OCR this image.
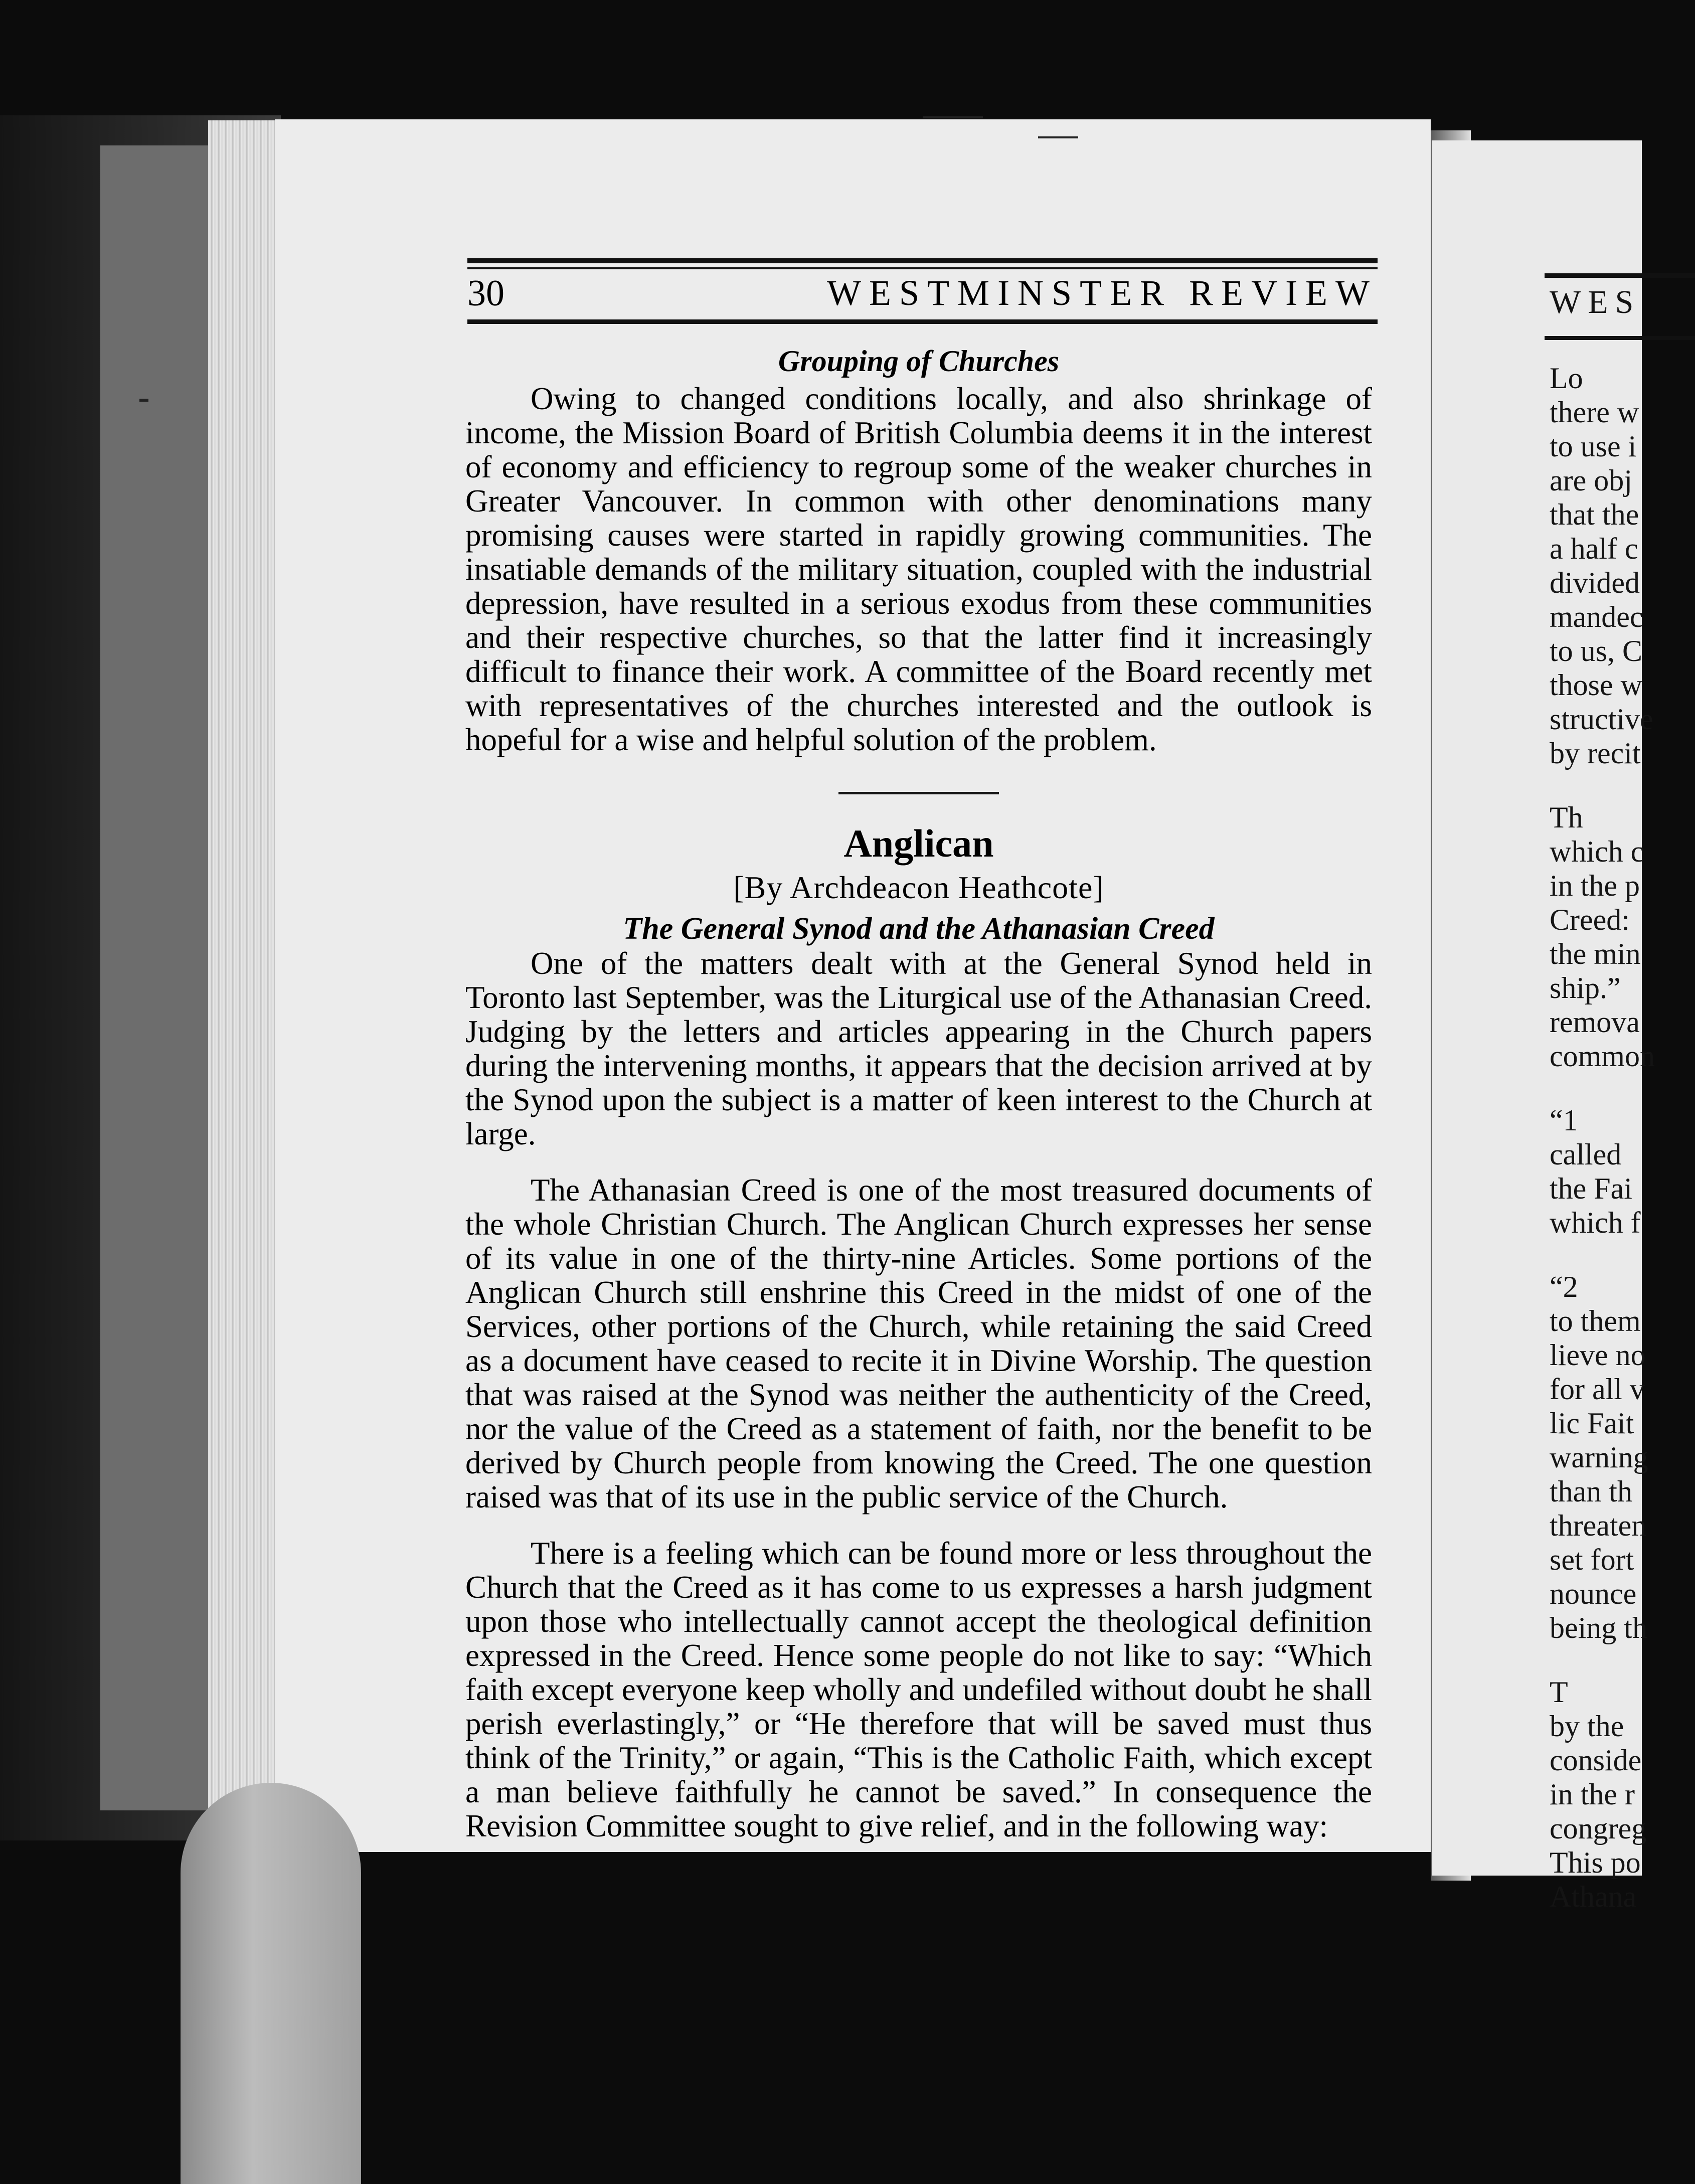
30	WESTMINSTER REVIEW
Grouping of Churches

Owing to changed conditions locally, and also shrinkage of income, the Mission Board of British Columbia deems it in the interest of economy and efficiency to regroup some of the weaker churches in Greater Vancouver. In common with other denominations many promising causes were started in rapidly growing communities. The insatiable demands of the military situation, coupled with the industrial depression, have resulted in a serious exodus from these communities and their respective churches, so that the latter find it increasingly difficult to finance their work. A committee of the Board recently met with representatives of the churches interested and the outlook is hopeful for a wise and helpful solution of the problem.

Anglican
[By Archdeacon Heathcote]
The General Synod and the Athanasian Creed

One of the matters dealt with at the General Synod held in Toronto last September, was the Liturgical use of the Athanasian Creed. Judging by the letters and articles appearing in the Church papers during the intervening months, it appears that the decision arrived at by the Synod upon the subject is a matter of keen interest to the Church at large.

The Athanasian Creed is one of the most treasured documents of the whole Christian Church. The Anglican Church expresses her sense of its value in one of the thirty-nine Articles. Some portions of the Anglican Church still enshrine this Creed in the midst of one of the Services, other portions of the Church, while retaining the said Creed as a document have ceased to recite it in Divine Worship. The question that was raised at the Synod was neither the authenticity of the Creed, nor the value of the Creed as a statement of faith, nor the benefit to be derived by Church people from knowing the Creed. The one question raised was that of its use in the public service of the Church.

There is a feeling which can be found more or less throughout the Church that the Creed as it has come to us expresses a harsh judgment upon those who intellectually cannot accept the theological definition expressed in the Creed. Hence some people do not like to say: “Which faith except everyone keep wholly and undefiled without doubt he shall perish everlastingly,” or “He therefore that will be saved must thus think of the Trinity,” or again, “This is the Catholic Faith, which except a man believe faithfully he cannot be saved.” In consequence the Revision Committee sought to give relief, and in the following way:

WES
Lo
there w
to use i
are obj
that the
a half c
divided
mandec
to us, C
those w
structive
by recit
Th
which c
in the p
Creed:
the min
ship.”
remova
common
“1
called
the Fai
which f
“2
to them
lieve no
for all v
lic Fait
warning
than th
threaten
set fort
nounce
being th
T
by the
conside
in the r
congreg
This po
Athana
